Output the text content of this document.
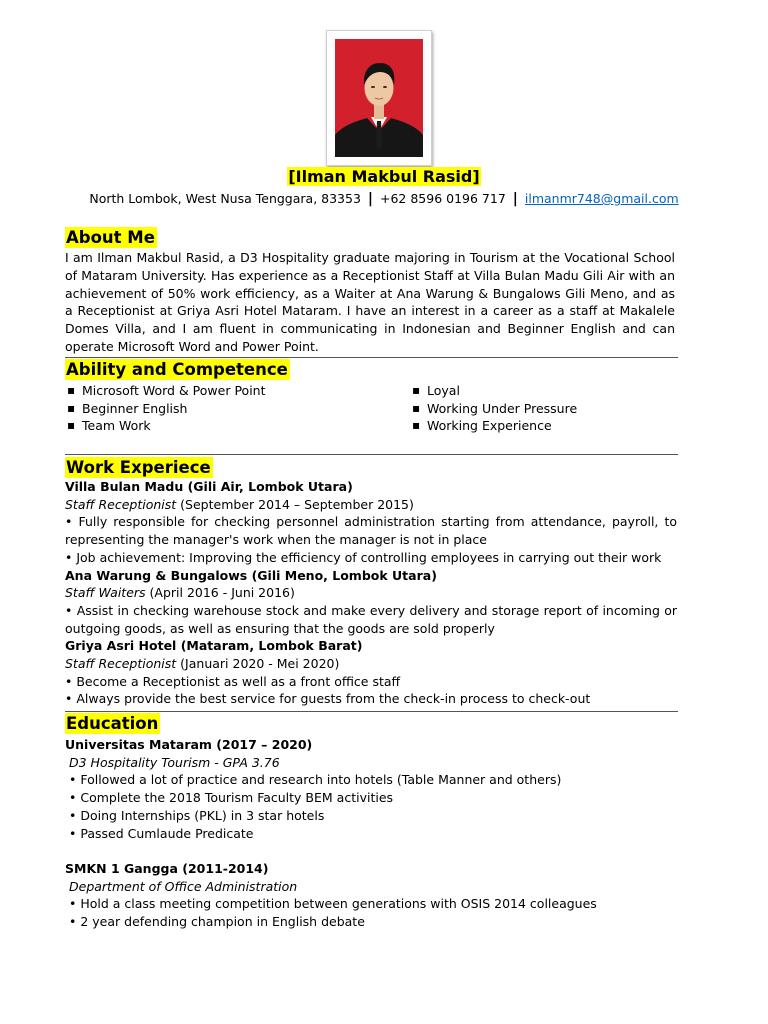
[Ilman Makbul Rasid]
North Lombok, West Nusa Tenggara, 83353 | +62 8596 0196 717 | ilmanmr748@gmail.com
About Me
I am Ilman Makbul Rasid, a D3 Hospitality graduate majoring in Tourism at the Vocational School of Mataram University. Has experience as a Receptionist Staff at Villa Bulan Madu Gili Air with an achievement of 50% work efficiency, as a Waiter at Ana Warung & Bungalows Gili Meno, and as a Receptionist at Griya Asri Hotel Mataram. I have an interest in a career as a staff at Makalele Domes Villa, and I am fluent in communicating in Indonesian and Beginner English and can operate Microsoft Word and Power Point.
Ability and Competence
▪ Microsoft Word & Power Point
▪ Beginner English
▪ Team Work
▪ Loyal
▪ Working Under Pressure
▪ Working Experience
Work Experiece
Villa Bulan Madu (Gili Air, Lombok Utara)
Staff Receptionist (September 2014 – September 2015)
• Fully responsible for checking personnel administration starting from attendance, payroll, to representing the manager's work when the manager is not in place
• Job achievement: Improving the efficiency of controlling employees in carrying out their work
Ana Warung & Bungalows (Gili Meno, Lombok Utara)
Staff Waiters (April 2016 - Juni 2016)
• Assist in checking warehouse stock and make every delivery and storage report of incoming or outgoing goods, as well as ensuring that the goods are sold properly
Griya Asri Hotel (Mataram, Lombok Barat)
Staff Receptionist (Januari 2020 - Mei 2020)
• Become a Receptionist as well as a front office staff
• Always provide the best service for guests from the check-in process to check-out
Education
Universitas Mataram (2017 – 2020)
D3 Hospitality Tourism - GPA 3.76
• Followed a lot of practice and research into hotels (Table Manner and others)
• Complete the 2018 Tourism Faculty BEM activities
• Doing Internships (PKL) in 3 star hotels
• Passed Cumlaude Predicate
SMKN 1 Gangga (2011-2014)
Department of Office Administration
• Hold a class meeting competition between generations with OSIS 2014 colleagues
• 2 year defending champion in English debate
